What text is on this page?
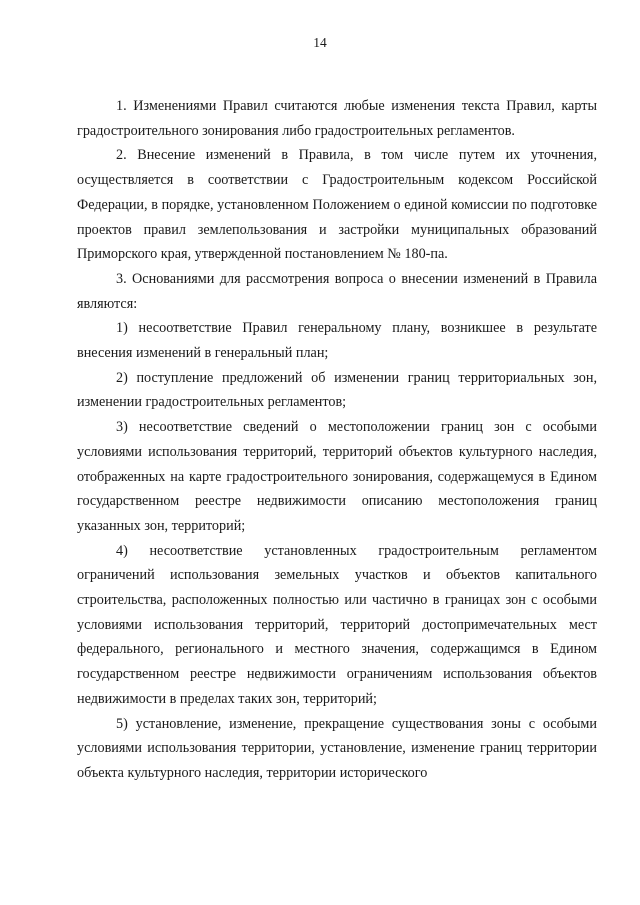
14

1. Изменениями Правил считаются любые изменения текста Правил, карты градостроительного зонирования либо градостроительных регламентов.

2. Внесение изменений в Правила, в том числе путем их уточнения, осуществляется в соответствии с Градостроительным кодексом Российской Федерации, в порядке, установленном Положением о единой комиссии по подготовке проектов правил землепользования и застройки муниципальных образований Приморского края, утвержденной постановлением № 180-па.

3. Основаниями для рассмотрения вопроса о внесении изменений в Правила являются:

1) несоответствие Правил генеральному плану, возникшее в результате внесения изменений в генеральный план;

2) поступление предложений об изменении границ территориальных зон, изменении градостроительных регламентов;

3) несоответствие сведений о местоположении границ зон с особыми условиями использования территорий, территорий объектов культурного наследия, отображенных на карте градостроительного зонирования, содержащемуся в Едином государственном реестре недвижимости описанию местоположения границ указанных зон, территорий;

4) несоответствие установленных градостроительным регламентом ограничений использования земельных участков и объектов капитального строительства, расположенных полностью или частично в границах зон с особыми условиями использования территорий, территорий достопримечательных мест федерального, регионального и местного значения, содержащимся в Едином государственном реестре недвижимости ограничениям использования объектов недвижимости в пределах таких зон, территорий;

5) установление, изменение, прекращение существования зоны с особыми условиями использования территории, установление, изменение границ территории объекта культурного наследия, территории исторического
